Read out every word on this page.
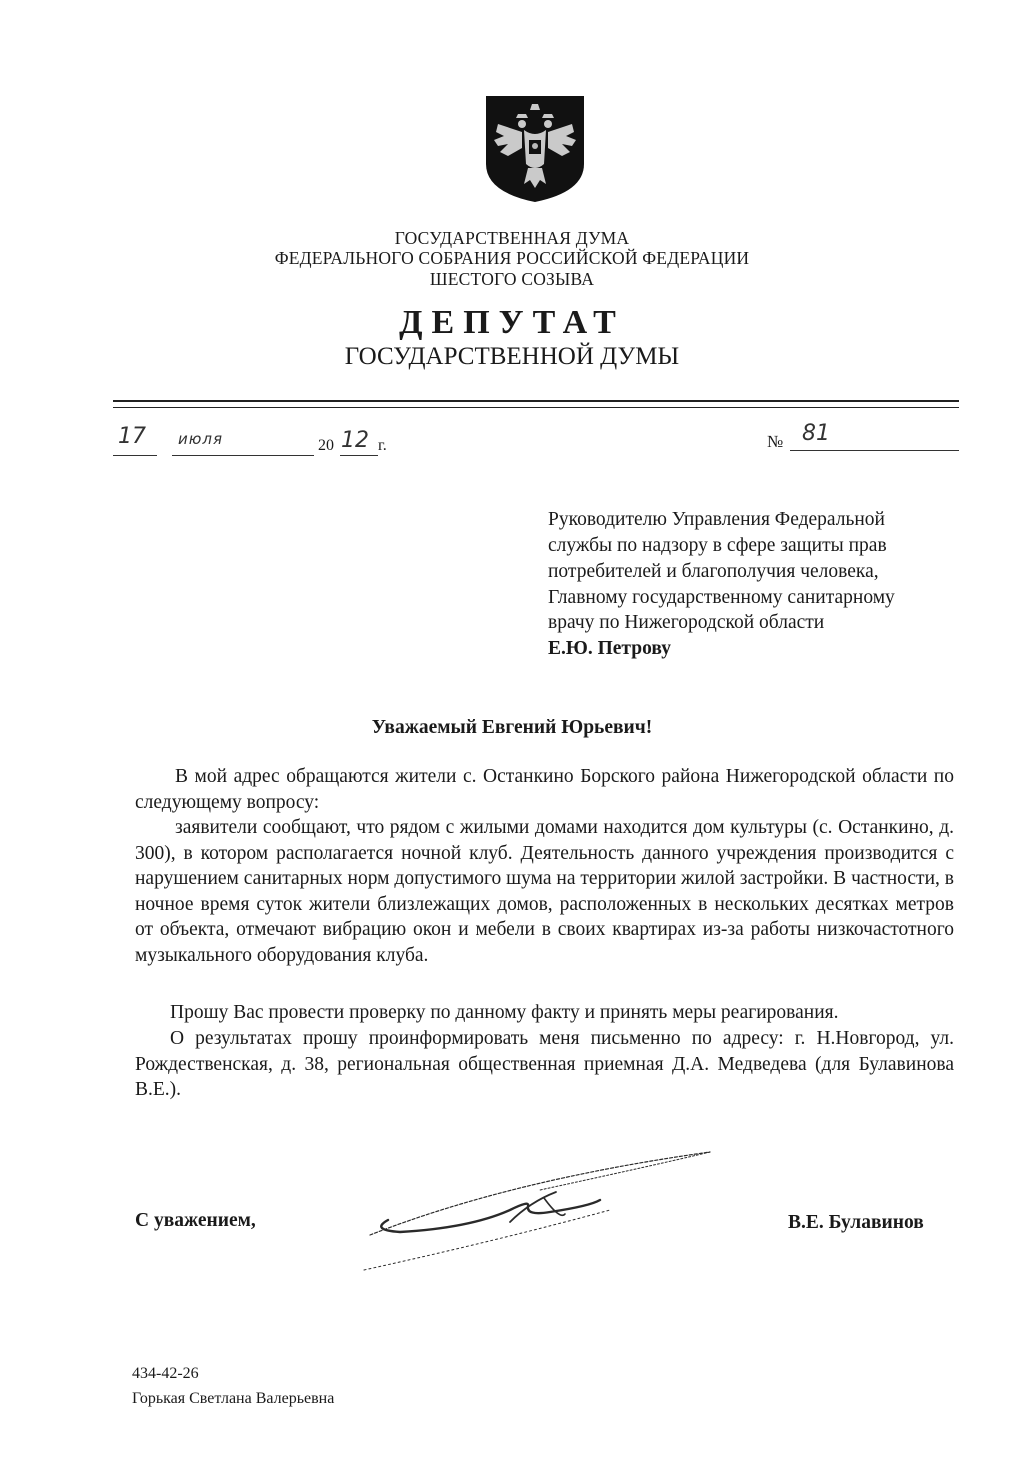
ГОСУДАРСТВЕННАЯ ДУМА
ФЕДЕРАЛЬНОГО СОБРАНИЯ РОССИЙСКОЙ ФЕДЕРАЦИИ
ШЕСТОГО СОЗЫВА
ДЕПУТАТ
ГОСУДАРСТВЕННОЙ ДУМЫ
17 июля	20 12 г.	№ 81
Руководителю Управления Федеральной
службы по надзору в сфере защиты прав
потребителей и благополучия человека,
Главному государственному санитарному
врачу по Нижегородской области
Е.Ю. Петрову
Уважаемый Евгений Юрьевич!
В мой адрес обращаются жители с. Останкино Борского района Нижегородской области по следующему вопросу:
заявители сообщают, что рядом с жилыми домами находится дом культуры (с. Останкино, д. 300), в котором располагается ночной клуб. Деятельность данного учреждения производится с нарушением санитарных норм допустимого шума на территории жилой застройки. В частности, в ночное время суток жители близлежащих домов, расположенных в нескольких десятках метров от объекта, отмечают вибрацию окон и мебели в своих квартирах из-за работы низкочастотного музыкального оборудования клуба.
Прошу Вас провести проверку по данному факту и принять меры реагирования.
О результатах прошу проинформировать меня письменно по адресу: г. Н.Новгород, ул. Рождественская, д. 38, региональная общественная приемная Д.А. Медведева (для Булавинова В.Е.).
С уважением,	В.Е. Булавинов
434-42-26
Горькая Светлана Валерьевна
